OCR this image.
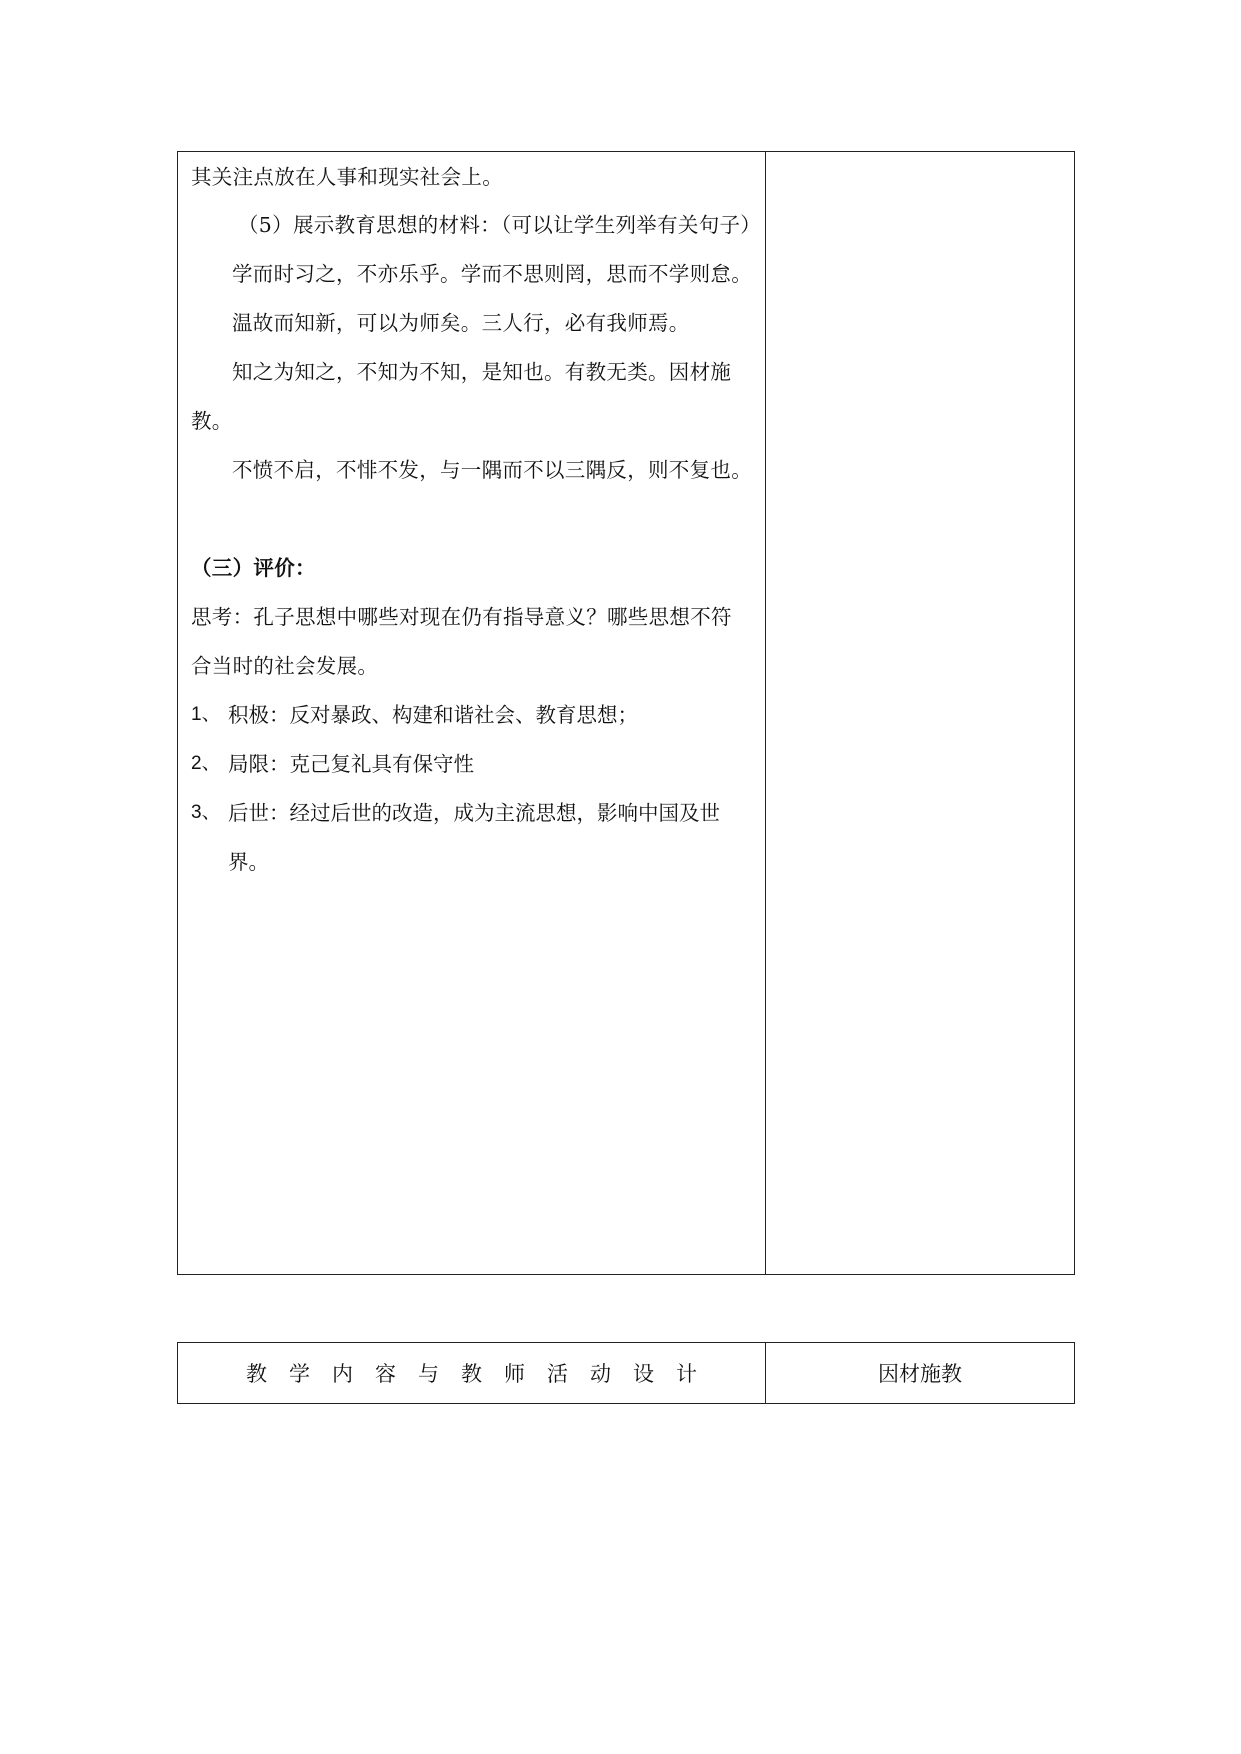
其关注点放在人事和现实社会上。
（5）展示教育思想的材料：（可以让学生列举有关句子）
学而时习之，不亦乐乎。学而不思则罔，思而不学则怠。
温故而知新，可以为师矣。三人行，必有我师焉。
知之为知之，不知为不知，是知也。有教无类。因材施
教。
不愤不启，不悱不发，与一隅而不以三隅反，则不复也。
（三）评价：
思考：孔子思想中哪些对现在仍有指导意义？哪些思想不符
合当时的社会发展。
1、 积极：反对暴政、构建和谐社会、教育思想；
2、 局限：克己复礼具有保守性
3、 后世：经过后世的改造，成为主流思想，影响中国及世
界。
教学内容与教师活动设计	因材施教
